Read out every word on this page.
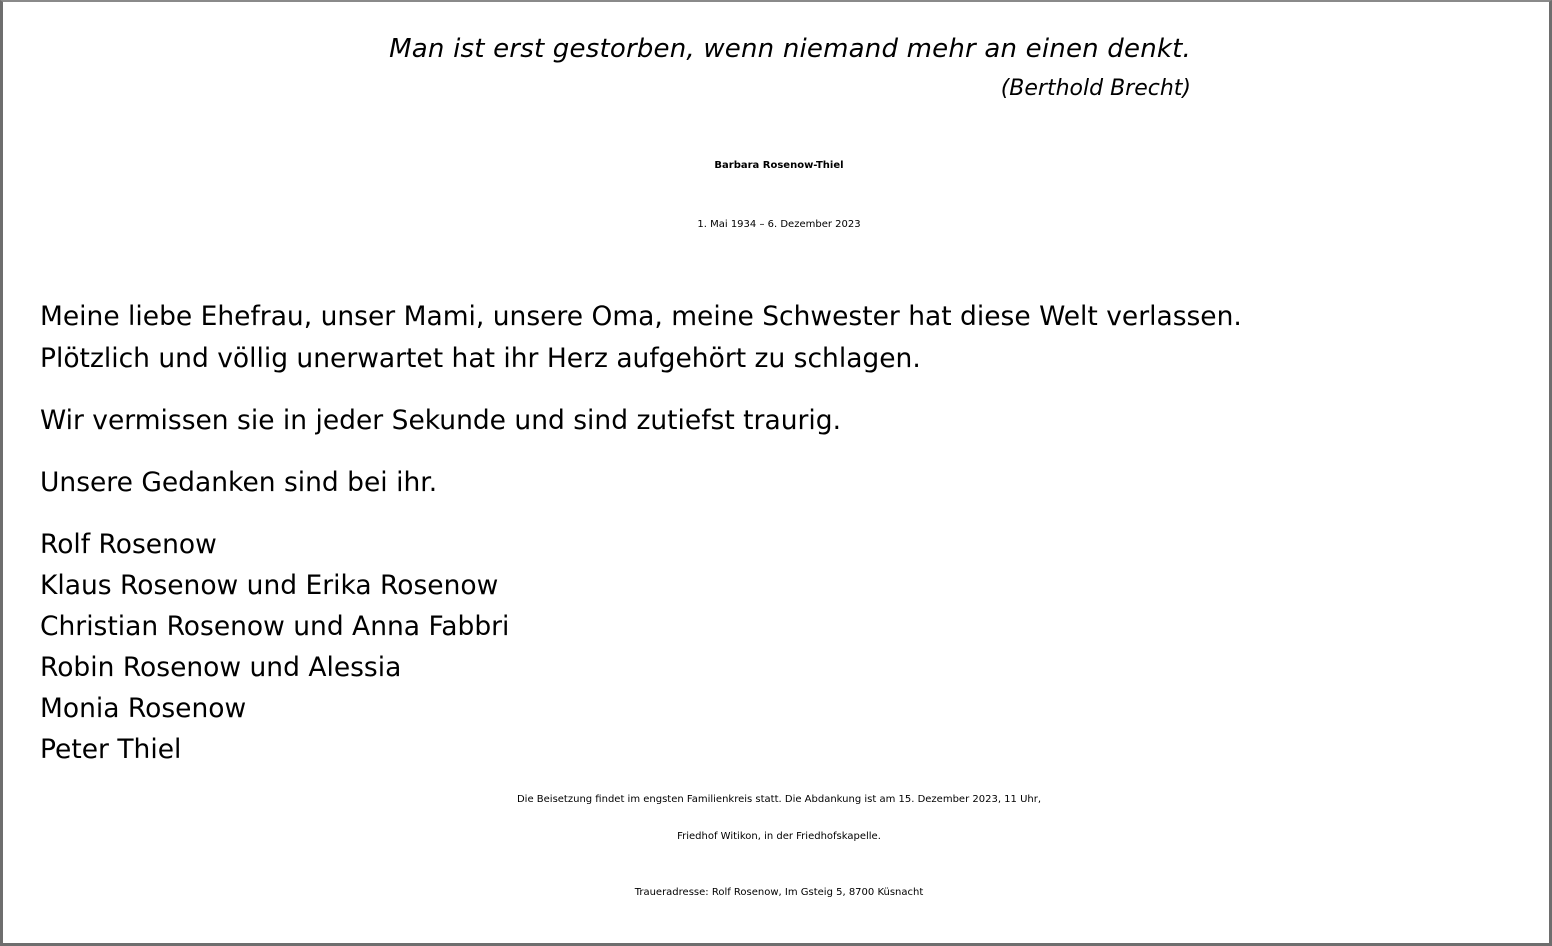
Man ist erst gestorben, wenn niemand mehr an einen denkt.
(Berthold Brecht)
Barbara Rosenow-Thiel
1. Mai 1934 – 6. Dezember 2023
Meine liebe Ehefrau, unser Mami, unsere Oma, meine Schwester hat diese Welt verlassen.
Plötzlich und völlig unerwartet hat ihr Herz aufgehört zu schlagen.
Wir vermissen sie in jeder Sekunde und sind zutiefst traurig.
Unsere Gedanken sind bei ihr.
Rolf Rosenow
Klaus Rosenow und Erika Rosenow
Christian Rosenow und Anna Fabbri
Robin Rosenow und Alessia
Monia Rosenow
Peter Thiel
Die Beisetzung findet im engsten Familienkreis statt. Die Abdankung ist am 15. Dezember 2023, 11 Uhr,
Friedhof Witikon, in der Friedhofskapelle.
Traueradresse: Rolf Rosenow, Im Gsteig 5, 8700 Küsnacht
